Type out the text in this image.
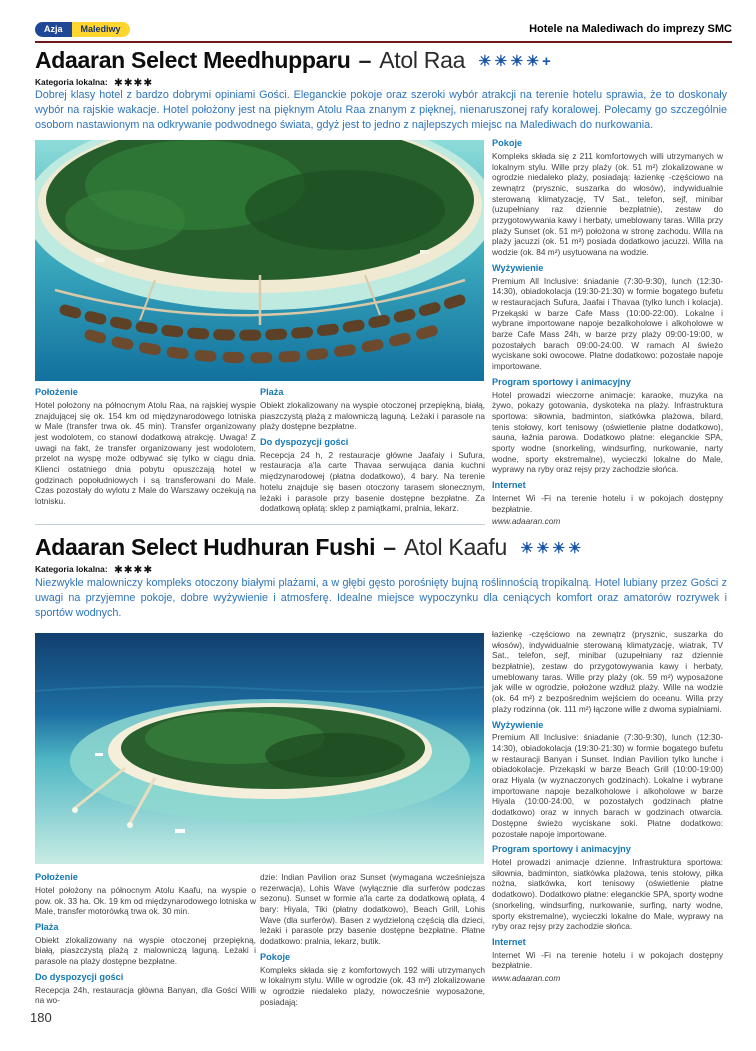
Azja	Malediwy	Hotele na Malediwach do imprezy SMC
Adaaran Select Meedhupparu – Atol Raa ☀☀☀☀+
Kategoria lokalna: ✱✱✱✱

Dobrej klasy hotel z bardzo dobrymi opiniami Gości. Eleganckie pokoje oraz szeroki wybór atrakcji na terenie hotelu sprawia, że to doskonały wybór na rajskie wakacje. Hotel położony jest na pięknym Atolu Raa znanym z pięknej, nienaruszonej rafy koralowej. Polecamy go szczególnie osobom nastawionym na odkrywanie podwodnego świata, gdyż jest to jedno z najlepszych miejsc na Malediwach do nurkowania.

Pokoje

Kompleks składa się z 211 komfortowych willi utrzymanych w lokalnym stylu. Wille przy plaży (ok. 51 m²) zlokalizowane w ogrodzie niedaleko plaży, posiadają: łazienkę -częściowo na zewnątrz (prysznic, suszarka do włosów), indywidualnie sterowaną klimatyzację, TV Sat., telefon, sejf, minibar (uzupełniany raz dziennie bezpłatnie), zestaw do przygotowywania kawy i herbaty, umeblowany taras. Willa przy plaży Sunset (ok. 51 m²) położona w stronę zachodu. Willa na plaży jacuzzi (ok. 51 m²) posiada dodatkowo jacuzzi. Willa na wodzie (ok. 84 m²) usytuowana na wodzie.

Wyżywienie

Premium All Inclusive: śniadanie (7:30-9:30), lunch (12:30-14:30), obiadokolacja (19:30-21:30) w formie bogatego bufetu w restauracjach Sufura, Jaafai i Thavaa (tylko lunch i kolacja). Przekąski w barze Cafe Mass (10:00-22:00). Lokalne i wybrane importowane napoje bezalkoholowe i alkoholowe w barze Cafe Mass 24h, w barze przy plaży 09:00-19:00, w pozostałych barach 09:00-24:00. W ramach AI świeżo wyciskane soki owocowe. Płatne dodatkowo: pozostałe napoje importowane.

Program sportowy i animacyjny

Hotel prowadzi wieczorne animacje: karaoke, muzyka na żywo, pokazy gotowania, dyskoteka na plaży. Infrastruktura sportowa: siłownia, badminton, siatkówka plażowa, bilard, tenis stołowy, kort tenisowy (oświetlenie płatne dodatkowo), sauna, łaźnia parowa. Dodatkowo płatne: eleganckie SPA, sporty wodne (snorkeling, windsurfing, nurkowanie, narty wodne, sporty ekstremalne), wycieczki lokalne do Male, wyprawy na ryby oraz rejsy przy zachodzie słońca.

Internet

Internet Wi -Fi na terenie hotelu i w pokojach dostępny bezpłatnie.

www.adaaran.com
Położenie

Hotel położony na północnym Atolu Raa, na rajskiej wyspie znajdującej się ok. 154 km od międzynarodowego lotniska w Male (transfer trwa ok. 45 min). Transfer organizowany jest wodolotem, co stanowi dodatkową atrakcję. Uwaga! Z uwagi na fakt, że transfer organizowany jest wodolotem, przelot na wyspę może odbywać się tylko w ciągu dnia. Klienci ostatniego dnia pobytu opuszczają hotel w godzinach popołudniowych i są transferowani do Male. Czas pozostały do wylotu z Male do Warszawy oczekują na lotnisku.

Plaża

Obiekt zlokalizowany na wyspie otoczonej przepiękną, białą, piaszczystą plażą z malowniczą laguną. Leżaki i parasole na plaży dostępne bezpłatne.

Do dyspozycji gości

Recepcja 24 h, 2 restauracje główne Jaafaiy i Sufura, restauracja a'la carte Thavaa serwująca dania kuchni międzynarodowej (płatna dodatkowo), 4 bary. Na terenie hotelu znajduje się basen otoczony tarasem słonecznym, leżaki i parasole przy basenie dostępne bezpłatne. Za dodatkową opłatą: sklep z pamiątkami, pralnia, lekarz.

Adaaran Select Hudhuran Fushi – Atol Kaafu ☀☀☀☀
Kategoria lokalna: ✱✱✱✱

Niezwykle malowniczy kompleks otoczony białymi plażami, a w głębi gęsto porośnięty bujną roślinnością tropikalną. Hotel lubiany przez Gości z uwagi na przyjemne pokoje, dobre wyżywienie i atmosferę. Idealne miejsce wypoczynku dla ceniących komfort oraz amatorów rozrywek i sportów wodnych.

łazienkę -częściowo na zewnątrz (prysznic, suszarka do włosów), indywidualnie sterowaną klimatyzację, wiatrak, TV Sat., telefon, sejf, minibar (uzupełniany raz dziennie bezpłatnie), zestaw do przygotowywania kawy i herbaty, umeblowany taras. Wille przy plaży (ok. 59 m²) wyposażone jak wille w ogrodzie, położone wzdłuż plaży. Wille na wodzie (ok. 64 m²) z bezpośrednim wejściem do oceanu. Willa przy plaży rodzinna (ok. 111 m²) łączone wille z dwoma sypialniami.

Wyżywienie

Premium All Inclusive: śniadanie (7:30-9:30), lunch (12:30-14:30), obiadokolacja (19:30-21:30) w formie bogatego bufetu w restauracji Banyan i Sunset. Indian Pavilion tylko lunche i obiadokolacje. Przekąski w barze Beach Grill (10:00-19:00) oraz Hiyala (w wyznaczonych godzinach). Lokalne i wybrane importowane napoje bezalkoholowe i alkoholowe w barze Hiyala (10:00-24:00, w pozostałych godzinach płatne dodatkowo) oraz w innych barach w godzinach otwarcia. Dostępne świeżo wyciskane soki. Płatne dodatkowo: pozostałe napoje importowane.

Program sportowy i animacyjny

Hotel prowadzi animacje dzienne. Infrastruktura sportowa: siłownia, badminton, siatkówka plażowa, tenis stołowy, piłka nożna, siatkówka, kort tenisowy (oświetlenie płatne dodatkowo). Dodatkowo płatne: eleganckie SPA, sporty wodne (snorkeling, windsurfing, nurkowanie, surfing, narty wodne, sporty ekstremalne), wycieczki lokalne do Male, wyprawy na ryby oraz rejsy przy zachodzie słońca.

Internet

Internet Wi -Fi na terenie hotelu i w pokojach dostępny bezpłatnie.

www.adaaran.com
Położenie

Hotel położony na północnym Atolu Kaafu, na wyspie o pow. ok. 33 ha. Ok. 19 km od międzynarodowego lotniska w Male, transfer motorówką trwa ok. 30 min.

Plaża

Obiekt zlokalizowany na wyspie otoczonej przepiękną, białą, piaszczystą plażą z malowniczą laguną. Leżaki i parasole na plaży dostępne bezpłatne.

Do dyspozycji gości

Recepcja 24h, restauracja główna Banyan, dla Gości Willi na wo-

dzie: Indian Pavilion oraz Sunset (wymagana wcześniejsza rezerwacja), Lohis Wave (wyłącznie dla surferów podczas sezonu). Sunset w formie a'la carte za dodatkową opłatą, 4 bary: Hiyala, Tiki (płatny dodatkowo), Beach Grill, Lohis Wave (dla surferów). Basen z wydzieloną częścią dla dzieci, leżaki i parasole przy basenie dostępne bezpłatne. Płatne dodatkowo: pralnia, lekarz, butik.

Pokoje

Kompleks składa się z komfortowych 192 willi utrzymanych w lokalnym stylu. Wille w ogrodzie (ok. 43 m²) zlokalizowane w ogrodzie niedaleko plaży, nowocześnie wyposażone, posiadają:

180
